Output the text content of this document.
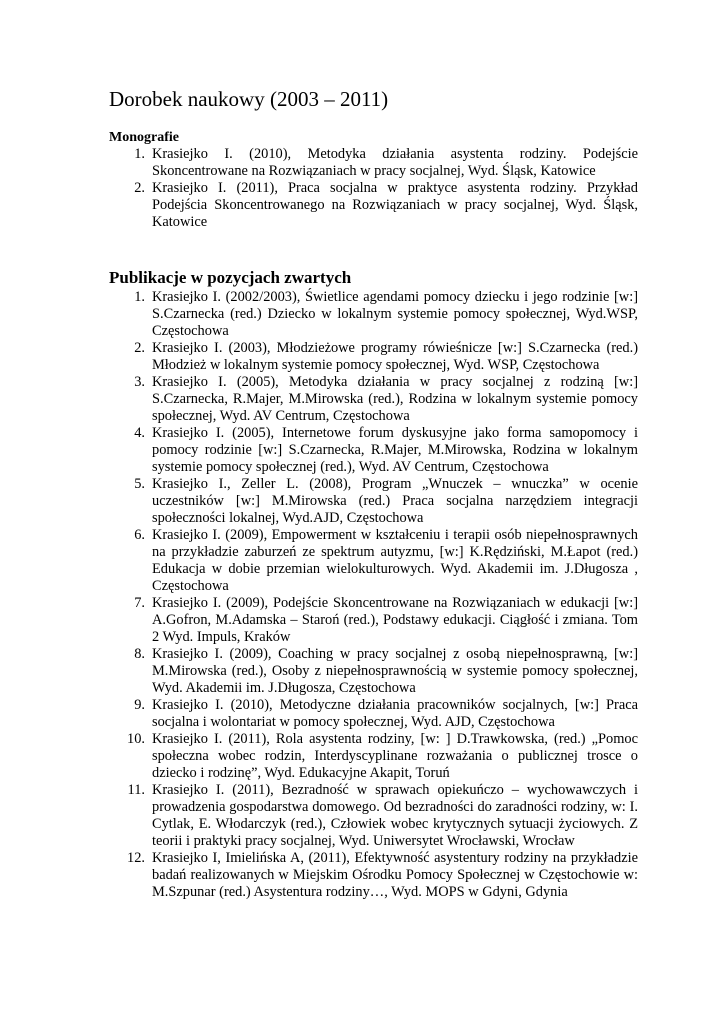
Dorobek naukowy (2003 – 2011)
Monografie
1. Krasiejko I. (2010), Metodyka działania asystenta rodziny. Podejście Skoncentrowane na Rozwiązaniach w pracy socjalnej, Wyd. Śląsk, Katowice
2. Krasiejko I. (2011), Praca socjalna w praktyce asystenta rodziny. Przykład Podejścia Skoncentrowanego na Rozwiązaniach w pracy socjalnej, Wyd. Śląsk, Katowice
Publikacje w pozycjach zwartych
1. Krasiejko I. (2002/2003), Świetlice agendami pomocy dziecku i jego rodzinie [w:] S.Czarnecka (red.) Dziecko w lokalnym systemie pomocy społecznej, Wyd.WSP, Częstochowa
2. Krasiejko I. (2003), Młodzieżowe programy rówieśnicze [w:] S.Czarnecka (red.) Młodzież w lokalnym systemie pomocy społecznej, Wyd. WSP, Częstochowa
3. Krasiejko I. (2005), Metodyka działania w pracy socjalnej z rodziną [w:] S.Czarnecka, R.Majer, M.Mirowska (red.), Rodzina w lokalnym systemie pomocy społecznej, Wyd. AV Centrum, Częstochowa
4. Krasiejko I. (2005), Internetowe forum dyskusyjne jako forma samopomocy i pomocy rodzinie [w:] S.Czarnecka, R.Majer, M.Mirowska, Rodzina w lokalnym systemie pomocy społecznej (red.), Wyd. AV Centrum, Częstochowa
5. Krasiejko I., Zeller L. (2008), Program „Wnuczek – wnuczka” w ocenie uczestników [w:] M.Mirowska (red.) Praca socjalna narzędziem integracji społeczności lokalnej, Wyd.AJD, Częstochowa
6. Krasiejko I. (2009), Empowerment w kształceniu i terapii osób niepełnosprawnych na przykładzie zaburzeń ze spektrum autyzmu, [w:] K.Rędziński, M.Łapot (red.) Edukacja w dobie przemian wielokulturowych. Wyd. Akademii im. J.Długosza , Częstochowa
7. Krasiejko I. (2009), Podejście Skoncentrowane na Rozwiązaniach w edukacji [w:] A.Gofron, M.Adamska – Staroń (red.), Podstawy edukacji. Ciągłość i zmiana. Tom 2 Wyd. Impuls, Kraków
8. Krasiejko I. (2009), Coaching w pracy socjalnej z osobą niepełnosprawną, [w:] M.Mirowska (red.), Osoby z niepełnosprawnością w systemie pomocy społecznej, Wyd. Akademii im. J.Długosza, Częstochowa
9. Krasiejko I. (2010), Metodyczne działania pracowników socjalnych, [w:] Praca socjalna i wolontariat w pomocy społecznej, Wyd. AJD, Częstochowa
10. Krasiejko I. (2011), Rola asystenta rodziny, [w: ] D.Trawkowska, (red.) „Pomoc społeczna wobec rodzin, Interdyscyplinane rozważania o publicznej trosce o dziecko i rodzinę”, Wyd. Edukacyjne Akapit, Toruń
11. Krasiejko I. (2011), Bezradność w sprawach opiekuńczo – wychowawczych i prowadzenia gospodarstwa domowego. Od bezradności do zaradności rodziny, w: I. Cytlak, E. Włodarczyk (red.), Człowiek wobec krytycznych sytuacji życiowych. Z teorii i praktyki pracy socjalnej, Wyd. Uniwersytet Wrocławski, Wrocław
12. Krasiejko I, Imielińska A, (2011), Efektywność asystentury rodziny na przykładzie badań realizowanych w Miejskim Ośrodku Pomocy Społecznej w Częstochowie w: M.Szpunar (red.) Asystentura rodziny…, Wyd. MOPS w Gdyni, Gdynia
